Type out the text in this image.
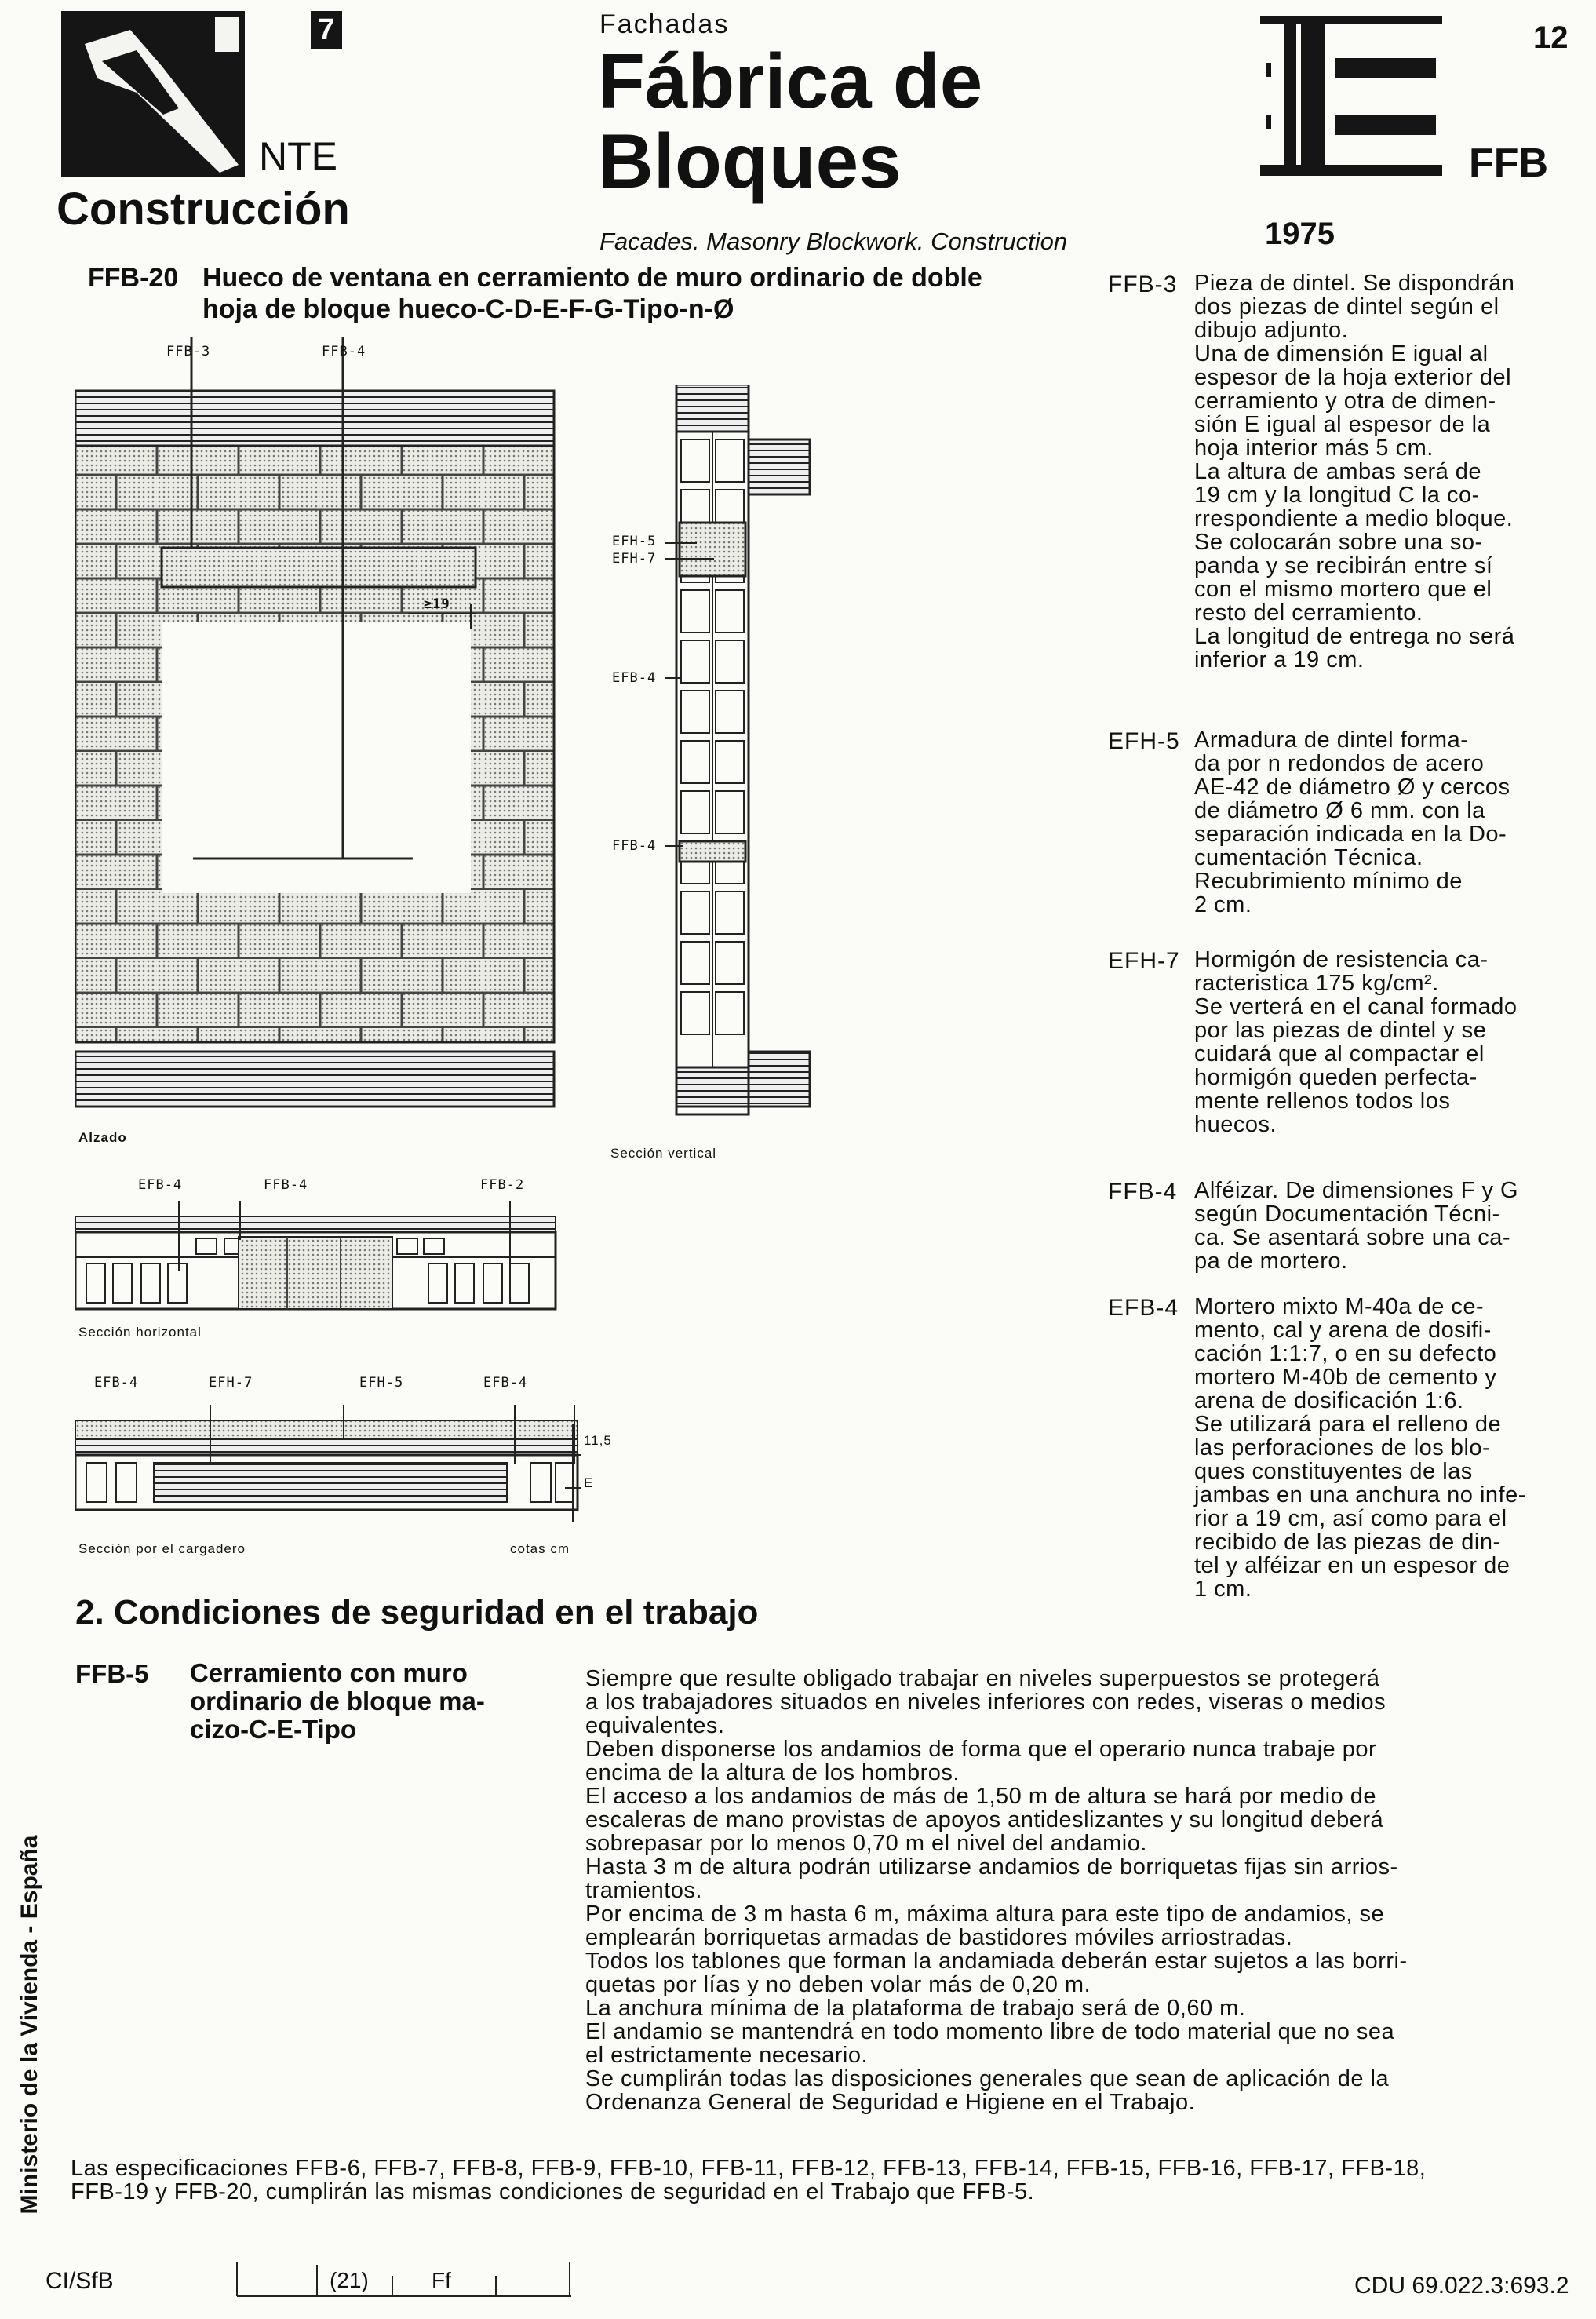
7
NTE
Construcción
Fachadas
Fábrica de
Bloques
Facades. Masonry Blockwork. Construction
12
FFB
1975
FFB-20 Hueco de ventana en cerramiento de muro ordinario de doble
hoja de bloque hueco-C-D-E-F-G-Tipo-n-Ø
FFB-3	FFB-4
≥19
Alzado
EFH-5
EFH-7
EFB-4
FFB-4
Sección vertical
EFB-4	FFB-4	FFB-2
Sección horizontal
EFB-4	EFH-7	EFH-5	EFB-4
11,5
E
Sección por el cargadero	cotas cm
FFB-3 Pieza de dintel. Se dispondrán
dos piezas de dintel según el
dibujo adjunto.
Una de dimensión E igual al
espesor de la hoja exterior del
cerramiento y otra de dimen-
sión E igual al espesor de la
hoja interior más 5 cm.
La altura de ambas será de
19 cm y la longitud C la co-
rrespondiente a medio bloque.
Se colocarán sobre una so-
panda y se recibirán entre sí
con el mismo mortero que el
resto del cerramiento.
La longitud de entrega no será
inferior a 19 cm.
EFH-5 Armadura de dintel forma-
da por n redondos de acero
AE-42 de diámetro Ø y cercos
de diámetro Ø 6 mm. con la
separación indicada en la Do-
cumentación Técnica.
Recubrimiento mínimo de
2 cm.
EFH-7 Hormigón de resistencia ca-
racteristica 175 kg/cm².
Se verterá en el canal formado
por las piezas de dintel y se
cuidará que al compactar el
hormigón queden perfecta-
mente rellenos todos los
huecos.
FFB-4 Alféizar. De dimensiones F y G
según Documentación Técni-
ca. Se asentará sobre una ca-
pa de mortero.
EFB-4 Mortero mixto M-40a de ce-
mento, cal y arena de dosifi-
cación 1:1:7, o en su defecto
mortero M-40b de cemento y
arena de dosificación 1:6.
Se utilizará para el relleno de
las perforaciones de los blo-
ques constituyentes de las
jambas en una anchura no infe-
rior a 19 cm, así como para el
recibido de las piezas de din-
tel y alféizar en un espesor de
1 cm.
2. Condiciones de seguridad en el trabajo
FFB-5 Cerramiento con muro
ordinario de bloque ma-
cizo-C-E-Tipo
Siempre que resulte obligado trabajar en niveles superpuestos se protegerá
a los trabajadores situados en niveles inferiores con redes, viseras o medios
equivalentes.
Deben disponerse los andamios de forma que el operario nunca trabaje por
encima de la altura de los hombros.
El acceso a los andamios de más de 1,50 m de altura se hará por medio de
escaleras de mano provistas de apoyos antideslizantes y su longitud deberá
sobrepasar por lo menos 0,70 m el nivel del andamio.
Hasta 3 m de altura podrán utilizarse andamios de borriquetas fijas sin arrios-
tramientos.
Por encima de 3 m hasta 6 m, máxima altura para este tipo de andamios, se
emplearán borriquetas armadas de bastidores móviles arriostradas.
Todos los tablones que forman la andamiada deberán estar sujetos a las borri-
quetas por lías y no deben volar más de 0,20 m.
La anchura mínima de la plataforma de trabajo será de 0,60 m.
El andamio se mantendrá en todo momento libre de todo material que no sea
el estrictamente necesario.
Se cumplirán todas las disposiciones generales que sean de aplicación de la
Ordenanza General de Seguridad e Higiene en el Trabajo.
Las especificaciones FFB-6, FFB-7, FFB-8, FFB-9, FFB-10, FFB-11, FFB-12, FFB-13, FFB-14, FFB-15, FFB-16, FFB-17, FFB-18,
FFB-19 y FFB-20, cumplirán las mismas condiciones de seguridad en el Trabajo que FFB-5.
Ministerio de la Vivienda - España
CI/SfB	(21)	Ff	CDU 69.022.3:693.2
